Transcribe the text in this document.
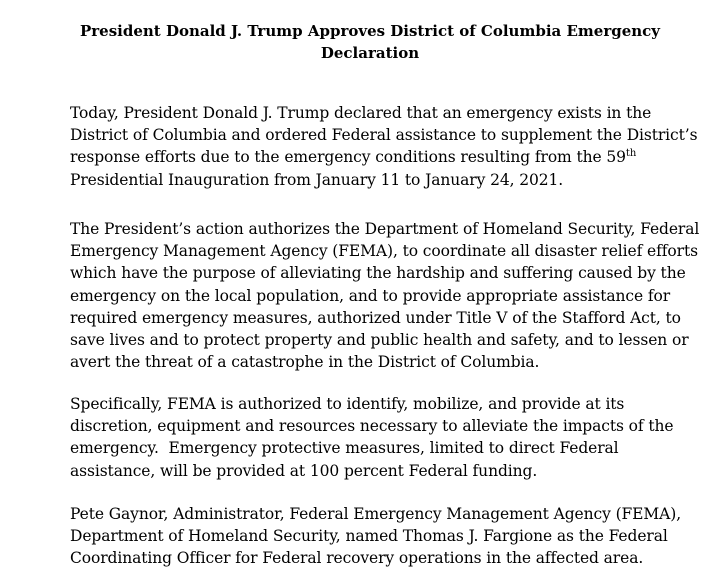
President Donald J. Trump Approves District of Columbia Emergency
Declaration
Today, President Donald J. Trump declared that an emergency exists in the
District of Columbia and ordered Federal assistance to supplement the District’s
response efforts due to the emergency conditions resulting from the 59th
Presidential Inauguration from January 11 to January 24, 2021.
The President’s action authorizes the Department of Homeland Security, Federal
Emergency Management Agency (FEMA), to coordinate all disaster relief efforts
which have the purpose of alleviating the hardship and suffering caused by the
emergency on the local population, and to provide appropriate assistance for
required emergency measures, authorized under Title V of the Stafford Act, to
save lives and to protect property and public health and safety, and to lessen or
avert the threat of a catastrophe in the District of Columbia.
Specifically, FEMA is authorized to identify, mobilize, and provide at its
discretion, equipment and resources necessary to alleviate the impacts of the
emergency.  Emergency protective measures, limited to direct Federal
assistance, will be provided at 100 percent Federal funding.
Pete Gaynor, Administrator, Federal Emergency Management Agency (FEMA),
Department of Homeland Security, named Thomas J. Fargione as the Federal
Coordinating Officer for Federal recovery operations in the affected area.
